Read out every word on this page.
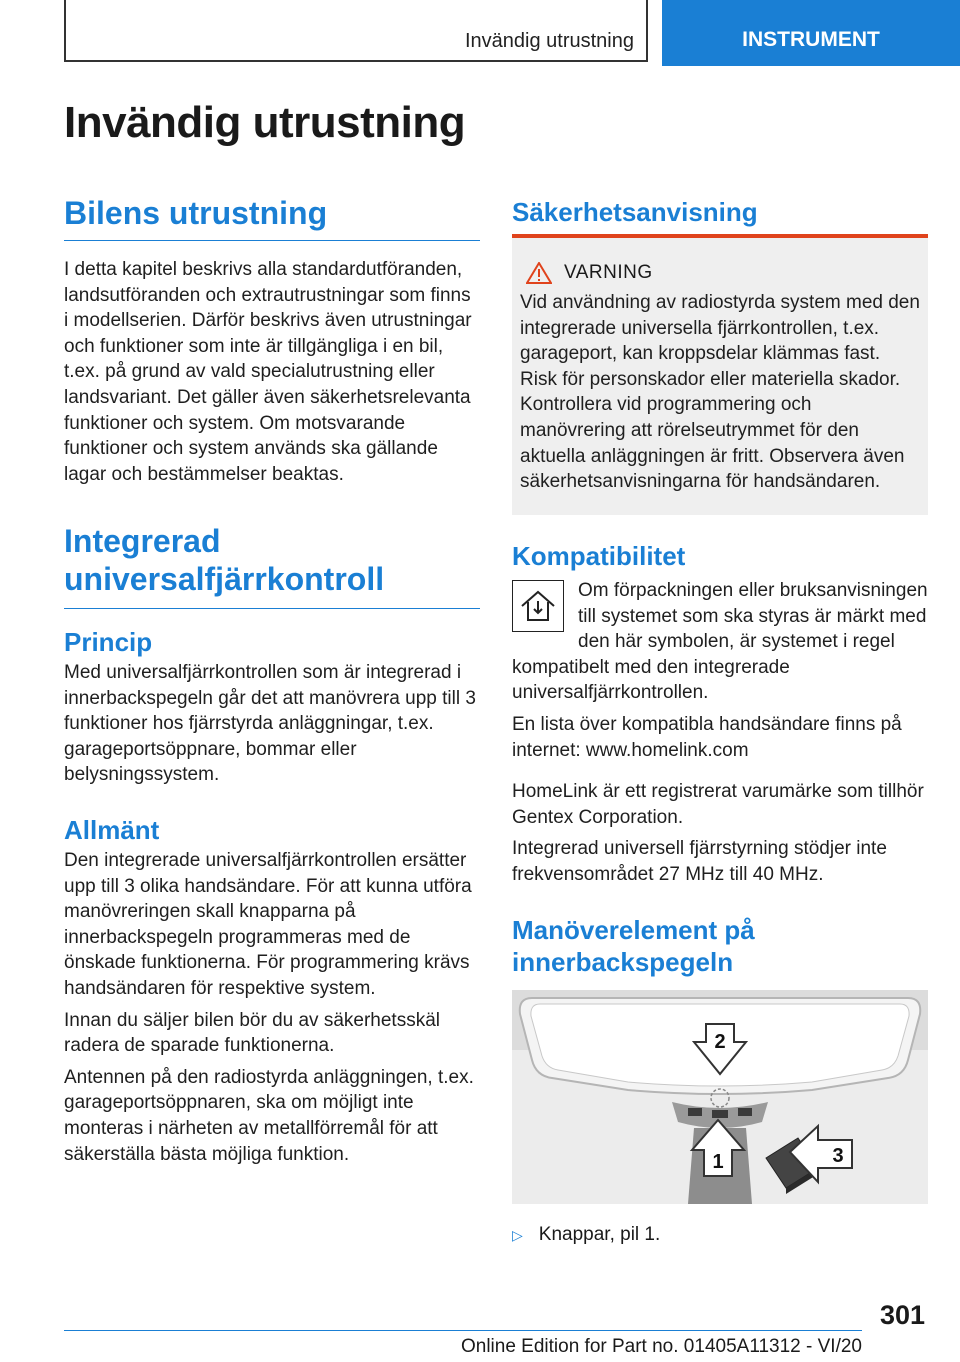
Invändig utrustning	INSTRUMENT
Invändig utrustning
Bilens utrustning

I detta kapitel beskrivs alla standardutföranden, landsutföranden och extrautrustningar som finns i modellserien. Därför beskrivs även utrustningar och funktioner som inte är tillgängliga i en bil, t.ex. på grund av vald specialutrustning eller landsvariant. Det gäller även säkerhetsrelevanta funktioner och system. Om motsvarande funktioner och system används ska gällande lagar och bestämmelser beaktas.

Integrerad
universalfjärrkontroll
Princip

Med universalfjärrkontrollen som är integrerad i innerbackspegeln går det att manövrera upp till 3 funktioner hos fjärrstyrda anläggningar, t.ex. garageportsöppnare, bommar eller belysningssystem.

Allmänt

Den integrerade universalfjärrkontrollen ersätter upp till 3 olika handsändare. För att kunna utföra manövreringen skall knapparna på innerbackspegeln programmeras med de önskade funktionerna. För programmering krävs handsändaren för respektive system.

Innan du säljer bilen bör du av säkerhetsskäl radera de sparade funktionerna.

Antennen på den radiostyrda anläggningen, t.ex. garageportsöppnaren, ska om möjligt inte monteras i närheten av metallförremål för att säkerställa bästa möjliga funktion.

Säkerhetsanvisning
VARNING

Vid användning av radiostyrda system med den integrerade universella fjärrkontrollen, t.ex. garageport, kan kroppsdelar klämmas fast. Risk för personskador eller materiella skador. Kontrollera vid programmering och manövrering att rörelseutrymmet för den aktuella anläggningen är fritt. Observera även säkerhetsanvisningarna för handsändaren.

Kompatibilitet

Om förpackningen eller bruksanvisningen till systemet som ska styras är märkt med den här symbolen, är systemet i regel kompatibelt med den integrerade universalfjärrkontrollen.

En lista över kompatibla handsändare finns på internet: www.homelink.com

HomeLink är ett registrerat varumärke som tillhör Gentex Corporation.

Integrerad universell fjärrstyrning stödjer inte frekvensområdet 27 MHz till 40 MHz.

Manöverelement på
innerbackspegeln
2
1	3
▷ Knappar, pil 1.
301
Online Edition for Part no. 01405A11312 - VI/20
